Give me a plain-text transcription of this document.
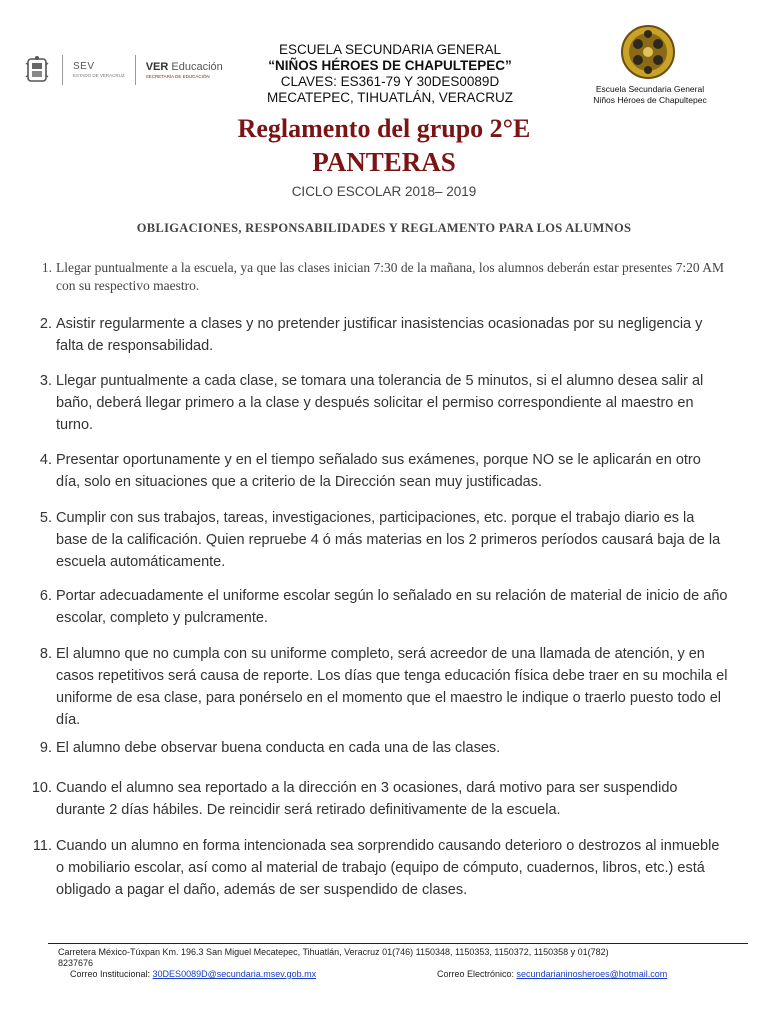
SEV
ESTADO DE VERACRUZ
VER Educación
SECRETARÍA DE EDUCACIÓN
ESCUELA SECUNDARIA GENERAL
“NIÑOS HÉROES DE CHAPULTEPEC”
CLAVES: ES361-79 Y 30DES0089D
MECATEPEC, TIHUATLÁN, VERACRUZ
Escuela Secundaria General
Niños Héroes de Chapultepec
Reglamento del grupo 2°E
PANTERAS
CICLO ESCOLAR 2018– 2019
OBLIGACIONES, RESPONSABILIDADES Y REGLAMENTO PARA LOS ALUMNOS
1. Llegar puntualmente a la escuela, ya que las clases inician 7:30 de la mañana, los alumnos deberán estar presentes 7:20 AM con su respectivo maestro.
2. Asistir regularmente a clases y no pretender justificar inasistencias ocasionadas por su negligencia y falta de responsabilidad.
3. Llegar puntualmente a cada clase, se tomara una tolerancia de 5 minutos, si el alumno desea salir al baño, deberá llegar primero a la clase y después solicitar el permiso correspondiente al maestro en turno.
4. Presentar oportunamente y en el tiempo señalado sus exámenes, porque NO se le aplicarán en otro día, solo en situaciones que a criterio de la Dirección sean muy justificadas.
5. Cumplir con sus trabajos, tareas, investigaciones, participaciones, etc. porque el trabajo diario es la base de la calificación. Quien repruebe 4 ó más materias en los 2 primeros períodos causará baja de la escuela automáticamente.
6. Portar adecuadamente el uniforme escolar según lo señalado en su relación de material de inicio de año escolar, completo y pulcramente.
8. El alumno que no cumpla con su uniforme completo, será acreedor de una llamada de atención, y en casos repetitivos será causa de reporte. Los días que tenga educación física debe traer en su mochila el uniforme de esa clase, para ponérselo en el momento que el maestro le indique o traerlo puesto todo el día.
9. El alumno debe observar buena conducta en cada una de las clases.
10. Cuando el alumno sea reportado a la dirección en 3 ocasiones, dará motivo para ser suspendido durante 2 días hábiles. De reincidir será retirado definitivamente de la escuela.
11. Cuando un alumno en forma intencionada sea sorprendido causando deterioro o destrozos al inmueble o mobiliario escolar, así como al material de trabajo (equipo de cómputo, cuadernos, libros, etc.) está obligado a pagar el daño, además de ser suspendido de clases.
Carretera México-Túxpan Km. 196.3 San Miguel Mecatepec, Tihuatlán, Veracruz 01(746) 1150348, 1150353, 1150372, 1150358 y 01(782)
8237676
Correo Institucional: 30DES0089D@secundaria.msev.gob.mx	Correo Electrónico: secundarianinosheroes@hotmail.com
